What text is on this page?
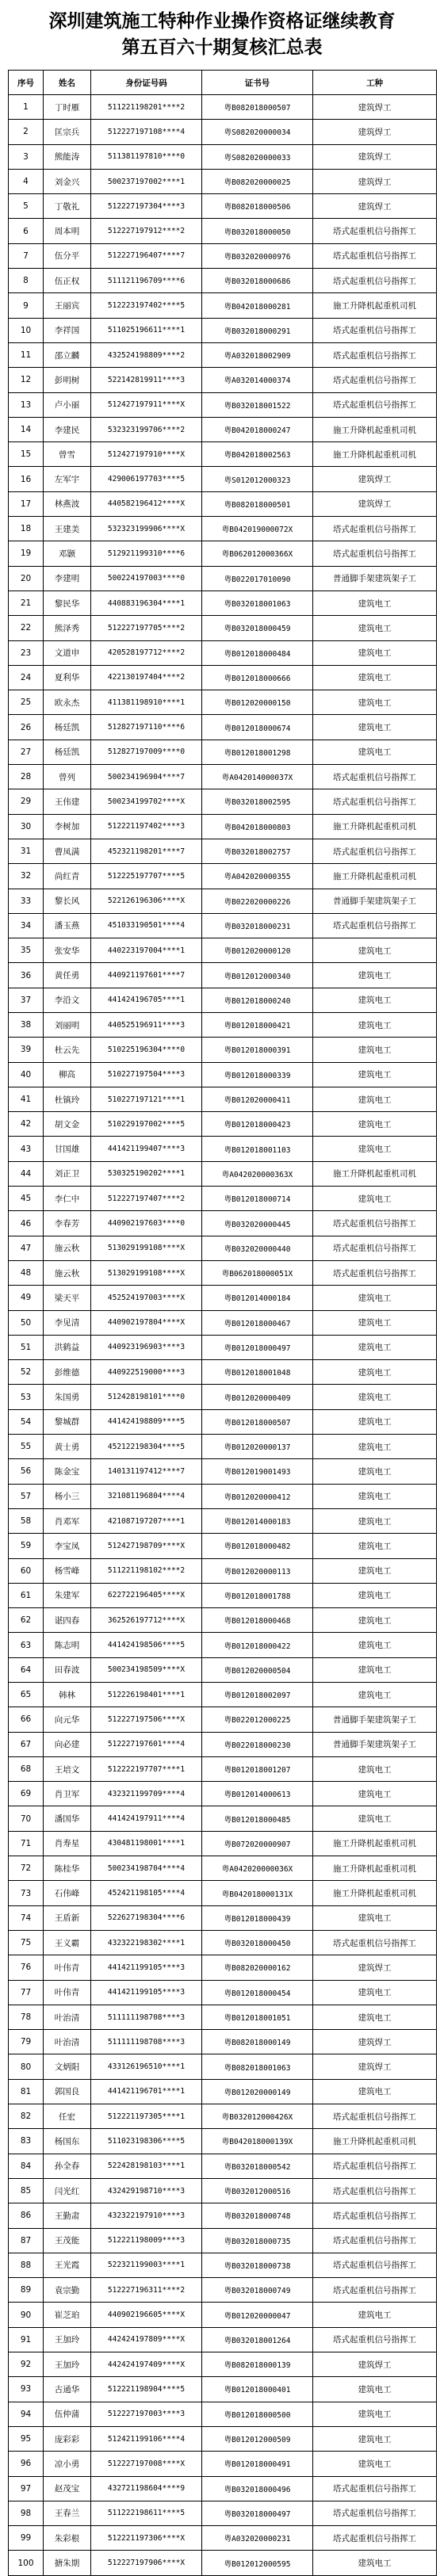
深圳建筑施工特种作业操作资格证继续教育
第五百六十期复核汇总表
序号	姓名	身份证号码	证书号	工种
1	丁时雁	511221198201****2	粤B082018000507	建筑焊工
2	匡宗兵	512227197108****4	粤S082020000034	建筑焊工
3	熊能涛	511381197810****0	粤S082020000033	建筑焊工
4	刘金兴	500237197002****1	粤B082020000025	建筑焊工
5	丁敬礼	512227197304****3	粤B082018000506	建筑焊工
6	周本明	512227197912****2	粤B032018000050	塔式起重机信号指挥工
7	伍分平	512227196407****7	粤B032020000976	塔式起重机信号指挥工
8	伍正权	511121196709****6	粤B032018000686	塔式起重机信号指挥工
9	王丽宾	512223197402****5	粤B042018000281	施工升降机起重机司机
10	李祥国	511025196611****1	粤B032018000291	塔式起重机信号指挥工
11	邵立麟	432524198809****2	粤A032018002909	塔式起重机信号指挥工
12	彭明树	522142819911****3	粤A032014000374	塔式起重机信号指挥工
13	卢小丽	512427197911****X	粤B032018001522	塔式起重机信号指挥工
14	李建民	532323199706****2	粤B042018000247	施工升降机起重机司机
15	曾雪	512427197910****X	粤B042018002563	施工升降机起重机司机
16	左军宇	429006197703****5	粤S012012000323	建筑焊工
17	林燕波	440582196412****X	粤B082018000501	建筑焊工
18	王建美	532323199906****X	粤B042019000072X	塔式起重机信号指挥工
19	邓颢	512921199310****6	粤B062012000366X	塔式起重机信号指挥工
20	李建明	500224197003****0	粤B022017010090	普通脚手架建筑架子工
21	黎民华	440883196304****1	粤B032018001063	建筑电工
22	熊泽秀	512227197705****2	粤B032018000459	建筑电工
23	文道申	420528197712****2	粤B012018000484	建筑电工
24	夏利华	422130197404****2	粤B012018000666	建筑电工
25	欧永杰	411381198910****1	粤B012020000150	建筑电工
26	杨廷凯	512827197110****6	粤B012018000674	建筑电工
27	杨廷凯	512827197009****0	粤B012018001298	建筑电工
28	曾列	500234196904****7	粤A042014000037X	塔式起重机信号指挥工
29	王伟建	500234199702****X	粤B032018002595	塔式起重机信号指挥工
30	李树加	512221197402****3	粤B042018000803	施工升降机起重机司机
31	曹凤满	452321198201****7	粤B032018002757	塔式起重机信号指挥工
32	尚红青	512225197707****5	粤A042020000355	施工升降机起重机司机
33	黎长风	522126196306****X	粤B022020000226	普通脚手架建筑架子工
34	潘玉燕	451033190501****4	粤B032018000231	塔式起重机信号指挥工
35	张安华	440223197004****1	粤B012020000120	建筑电工
36	黄任勇	440921197601****7	粤B012012000340	建筑电工
37	李沿文	441424196705****1	粤B012018000240	建筑电工
38	刘丽明	440525196911****3	粤B012018000421	建筑电工
39	杜云先	510225196304****0	粤B012018000391	建筑电工
40	柳高	510227197504****3	粤B012018000339	建筑电工
41	杜镇玲	510227197121****1	粤B012020000411	建筑电工
42	胡文金	510229197002****5	粤B012018000423	建筑电工
43	甘国雄	441421199407****3	粤B012018001103	建筑电工
44	刘正卫	530325190202****1	粤A042020000363X	施工升降机起重机司机
45	李仁中	512227197407****2	粤B012018000714	建筑电工
46	李春芳	440902197603****0	粤B032020000445	塔式起重机信号指挥工
47	施云秋	513029199108****X	粤B032020000440	塔式起重机信号指挥工
48	施云秋	513029199108****X	粤B062018000051X	塔式起重机信号指挥工
49	梁天平	452524197003****X	粤B012014000184	建筑电工
50	李见清	440902197804****X	粤B012018000467	建筑电工
51	洪鹤益	440923196903****3	粤B012018000497	建筑电工
52	彭维德	440922519000****3	粤B012018001048	建筑电工
53	朱国勇	512428198101****0	粤B012020000409	建筑电工
54	黎城群	441424198809****5	粤B012018000507	建筑电工
55	黄士勇	452122198304****5	粤B012020000137	建筑电工
56	陈金宝	140131197412****7	粤B012019001493	建筑电工
57	杨小三	321081196804****4	粤B012020000412	建筑电工
58	肖邓军	421087197207****1	粤B012014000183	建筑电工
59	李宝凤	512427198709****X	粤B012018000482	建筑电工
60	杨雪峰	511221198102****2	粤B012020000113	建筑电工
61	朱建军	622722196405****X	粤B012018001788	建筑电工
62	谌四春	362526197712****X	粤B012018000468	建筑电工
63	陈志明	441424198506****5	粤B012018000422	建筑电工
64	田春波	500234198509****X	粤B012020000504	建筑电工
65	韩林	512226198401****1	粤B012018002097	建筑电工
66	向元华	512227197506****X	粤B022012000225	普通脚手架建筑架子工
67	向必建	512227197601****4	粤B022018000230	普通脚手架建筑架子工
68	王培文	512222197707****1	粤B012018001207	建筑电工
69	肖卫军	432321199709****4	粤B012014000613	建筑电工
70	潘国华	441424197911****4	粤B012018000485	建筑电工
71	肖寿星	430481198001****1	粤B072020000907	施工升降机起重机司机
72	陈桂华	500234198704****4	粤A042020000036X	施工升降机起重机司机
73	石伟峰	452421198105****4	粤B042018000131X	施工升降机起重机司机
74	王盾新	522627198304****6	粤B012018000439	建筑电工
75	王义霸	432322198302****1	粤B032018000450	塔式起重机信号指挥工
76	叶伟青	441421199105****3	粤B082020000162	建筑焊工
77	叶伟青	441421199105****3	粤B012018000454	建筑电工
78	叶治清	511111198708****3	粤B012018001051	建筑电工
79	叶治清	511111198708****3	粤B082018000149	建筑焊工
80	文炳阳	433126196510****1	粤B082018001063	建筑焊工
81	郭国良	441421196701****1	粤B012020000149	建筑电工
82	任宏	512221197305****1	粤B032012000426X	塔式起重机信号指挥工
83	杨国东	511023198306****5	粤B042018000139X	施工升降机起重机司机
84	孙全春	522428198103****1	粤B032018000542	塔式起重机信号指挥工
85	闫光红	432429198710****3	粤B032012000516	塔式起重机信号指挥工
86	王勤肃	432322197910****3	粤B032018000748	塔式起重机信号指挥工
87	王茂能	512221198009****3	粤B032018000735	塔式起重机信号指挥工
88	王光霞	522321199003****1	粤B032018000738	塔式起重机信号指挥工
89	袁宗勤	512227196311****2	粤B032018000749	塔式起重机信号指挥工
90	崔芝珀	440902196605****X	粤B012020000047	建筑电工
91	王加玲	442424197809****X	粤B032018001264	塔式起重机信号指挥工
92	王加玲	442424197409****X	粤B082018000139	建筑焊工
93	古通华	512221198904****5	粤B012018000401	建筑电工
94	伍仲蒲	512227197003****3	粤B012018000500	建筑电工
95	庞彩彩	512421199106****4	粤B012012000509	建筑电工
96	凉小勇	512227197008****X	粤B012018000491	建筑电工
97	赵茂宝	432721198604****9	粤B032018000496	塔式起重机信号指挥工
98	王春兰	511222198611****5	粤B032018000497	塔式起重机信号指挥工
99	朱彩根	512221197306****X	粤A032020000231	塔式起重机信号指挥工
100	搪朱期	512227197906****X	粤B012012000595	建筑电工
